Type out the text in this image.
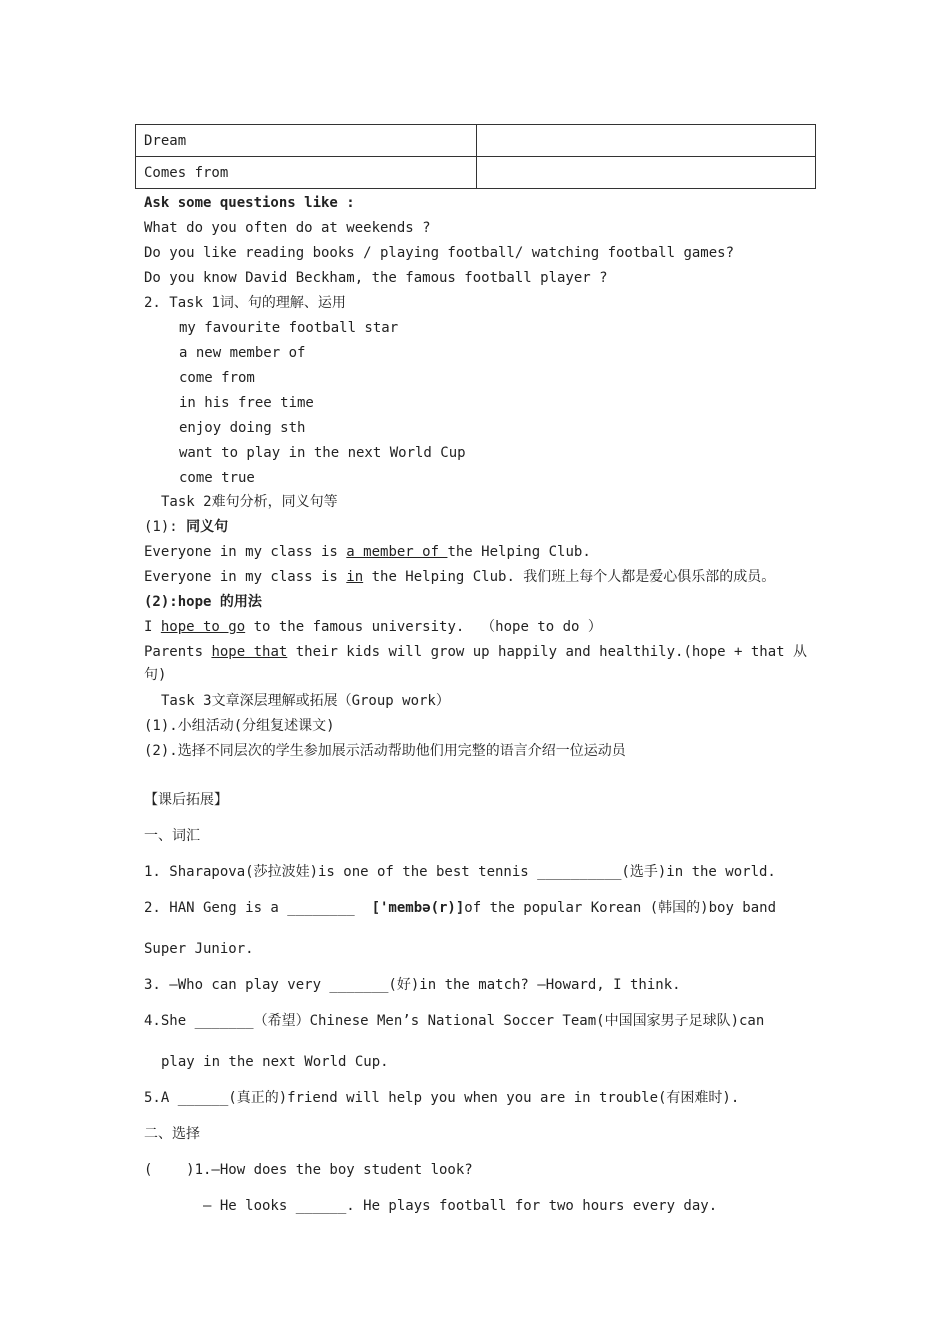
Dream	
Comes from	
Ask some questions like :
What do you often do at weekends ?
Do you like reading books / playing football/ watching football games?
Do you know David Beckham, the famous football player ?
2. Task 1词、句的理解、运用
my favourite football star
a new member of
come from
in his free time
enjoy doing sth
want to play in the next World Cup
come true
Task 2难句分析，同义句等
(1): 同义句
Everyone in my class is a member of the Helping Club.
Everyone in my class is in the Helping Club. 我们班上每个人都是爱心俱乐部的成员。
(2):hope 的用法
I hope to go to the famous university.  （hope to do ）
Parents hope that their kids will grow up happily and healthily.(hope + that 从
句)
Task 3文章深层理解或拓展（Group work）
(1).小组活动(分组复述课文)
(2).选择不同层次的学生参加展示活动帮助他们用完整的语言介绍一位运动员
【课后拓展】
一、词汇
1. Sharapova(莎拉波娃)is one of the best tennis __________(选手)in the world.
2. HAN Geng is a ________  ['membə(r)]of the popular Korean (韩国的)boy band
Super Junior.
3. —Who can play very _______(好)in the match? —Howard, I think.
4.She _______（希望）Chinese Men’s National Soccer Team(中国国家男子足球队)can
play in the next World Cup.
5.A ______(真正的)friend will help you when you are in trouble(有困难时).
二、选择
(    )1.—How does the boy student look?
— He looks ______. He plays football for two hours every day.
